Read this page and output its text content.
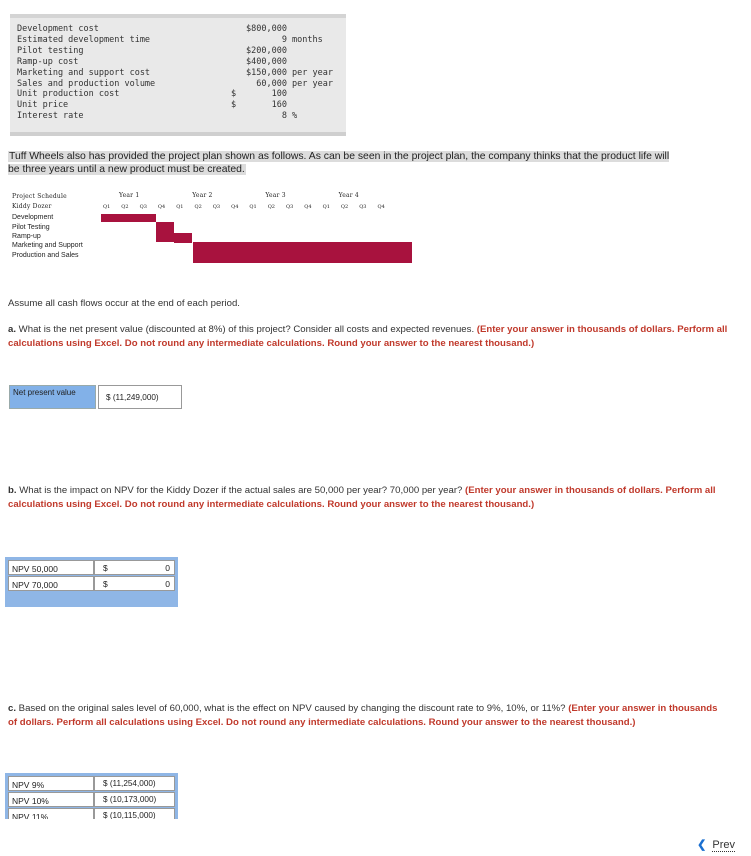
Development cost	$800,000
Estimated development time	9 months
Pilot testing	$200,000
Ramp-up cost	$400,000
Marketing and support cost	$150,000 per year
Sales and production volume	60,000 per year
Unit production cost	$	100
Unit price	$	160
Interest rate	8 %
Tuff Wheels also has provided the project plan shown as follows. As can be seen in the project plan, the company thinks that the product life will be three years until a new product must be created.
Project Schedule
Kiddy Dozer
Year 1	Year 2	Year 3	Year 4
Q1 Q2 Q3 Q4 Q1 Q2 Q3 Q4 Q1 Q2 Q3 Q4 Q1 Q2 Q3 Q4
Development
Pilot Testing
Ramp-up
Marketing and Support
Production and Sales
Assume all cash flows occur at the end of each period.
a. What is the net present value (discounted at 8%) of this project? Consider all costs and expected revenues. (Enter your answer in thousands of dollars. Perform all calculations using Excel. Do not round any intermediate calculations. Round your answer to the nearest thousand.)
Net present value
$ (11,249,000)
b. What is the impact on NPV for the Kiddy Dozer if the actual sales are 50,000 per year? 70,000 per year? (Enter your answer in thousands of dollars. Perform all calculations using Excel. Do not round any intermediate calculations. Round your answer to the nearest thousand.)
NPV 50,000	$	0
NPV 70,000	$	0
c. Based on the original sales level of 60,000, what is the effect on NPV caused by changing the discount rate to 9%, 10%, or 11%? (Enter your answer in thousands of dollars. Perform all calculations using Excel. Do not round any intermediate calculations. Round your answer to the nearest thousand.)
NPV 9%	$ (11,254,000)
NPV 10%	$ (10,173,000)
NPV 11%	$ (10,115,000)
❮ Prev
